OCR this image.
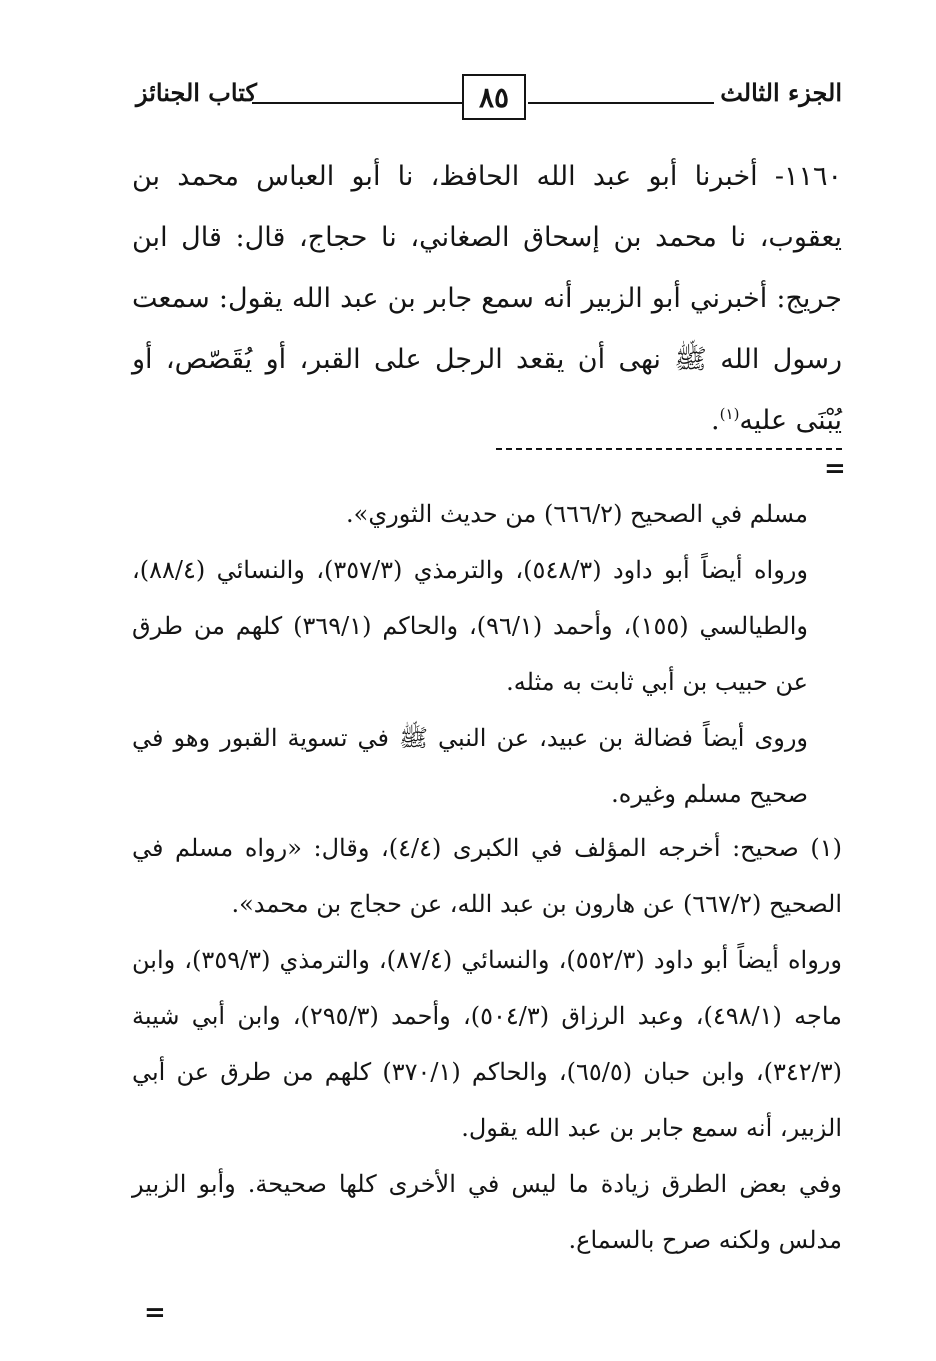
الجزء الثالث
٨٥
كتاب الجنائز

١١٦٠- أخبرنا أبو عبد الله الحافظ، نا أبو العباس محمد بن يعقوب، نا محمد بن إسحاق الصغاني، نا حجاج، قال: قال ابن جريج: أخبرني أبو الزبير أنه سمع جابر بن عبد الله يقول: سمعت رسول الله ﷺ نهى أن يقعد الرجل على القبر، أو يُقَصّص، أو يُبْنَى عليه$^{(١)}$.

=

مسلم في الصحيح (٦٦٦/٢) من حديث الثوري».

ورواه أيضاً أبو داود (٥٤٨/٣)، والترمذي (٣٥٧/٣)، والنسائي (٨٨/٤)، والطيالسي (١٥٥)، وأحمد (٩٦/١)، والحاكم (٣٦٩/١) كلهم من طرق عن حبيب بن أبي ثابت به مثله.

وروى أيضاً فضالة بن عبيد، عن النبي ﷺ في تسوية القبور وهو في صحيح مسلم وغيره.

(١) صحيح: أخرجه المؤلف في الكبرى (٤/٤)، وقال: «رواه مسلم في الصحيح (٦٦٧/٢) عن هارون بن عبد الله، عن حجاج بن محمد».

ورواه أيضاً أبو داود (٥٥٢/٣)، والنسائي (٨٧/٤)، والترمذي (٣٥٩/٣)، وابن ماجه (٤٩٨/١)، وعبد الرزاق (٥٠٤/٣)، وأحمد (٢٩٥/٣)، وابن أبي شيبة (٣٤٢/٣)، وابن حبان (٦٥/٥)، والحاكم (٣٧٠/١) كلهم من طرق عن أبي الزبير، أنه سمع جابر بن عبد الله يقول.

وفي بعض الطرق زيادة ما ليس في الأخرى كلها صحيحة. وأبو الزبير مدلس ولكنه صرح بالسماع.

=
